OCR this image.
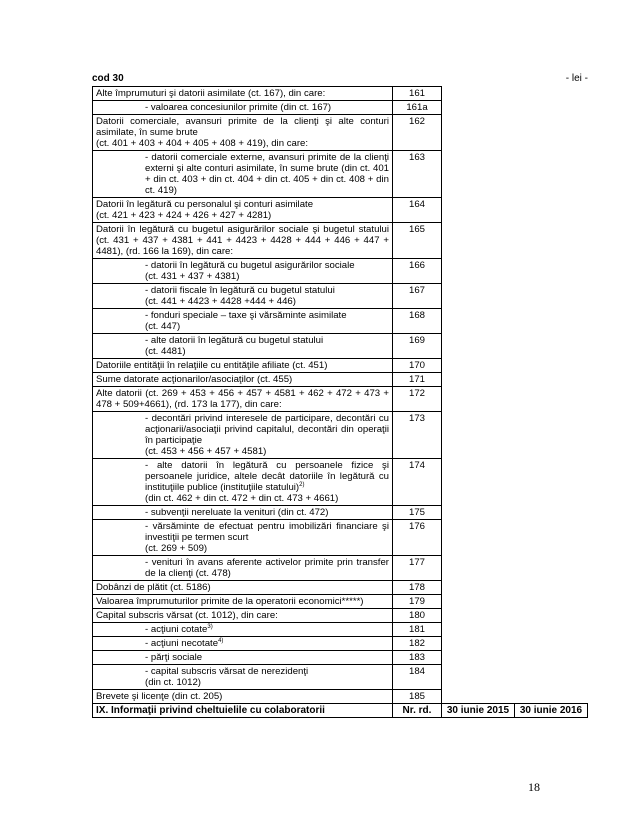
cod 30	- lei -
Alte împrumuturi şi datorii asimilate (ct. 167), din care:	161		

- valoarea concesiunilor primite (din ct. 167)	161a		

Datorii comerciale, avansuri primite de la clienţi şi alte conturi asimilate, în sume brute
(ct. 401 + 403 + 404 + 405 + 408 + 419), din care:	162		

- datorii comerciale externe, avansuri primite de la clienţi externi şi alte conturi asimilate, în sume brute (din ct. 401 + din ct. 403 + din ct. 404 + din ct. 405 + din ct. 408 + din ct. 419)	163		

Datorii în legătură cu personalul şi conturi asimilate
(ct. 421 + 423 + 424 + 426 + 427 + 4281)	164		

Datorii în legătură cu bugetul asigurărilor sociale şi bugetul statului (ct. 431 + 437 + 4381 + 441 + 4423 + 4428 + 444 + 446 + 447 + 4481), (rd. 166 la 169), din care:	165		

- datorii în legătură cu bugetul asigurărilor sociale
(ct. 431 + 437 + 4381)	166		

- datorii fiscale în legătură cu bugetul statului
(ct. 441 + 4423 + 4428 +444 + 446)	167		

- fonduri speciale – taxe şi vărsăminte asimilate
(ct. 447)	168		

- alte datorii în legătură cu bugetul statului
(ct. 4481)	169		

Datoriile entităţii în relaţiile cu entităţile afiliate (ct. 451)	170		

Sume datorate acţionarilor/asociaţilor (ct. 455)	171		

Alte datorii (ct. 269 + 453 + 456 + 457 + 4581 + 462 + 472 + 473 + 478 + 509+4661), (rd. 173 la 177), din care:	172		

- decontări privind interesele de participare, decontări cu acţionarii/asociaţii privind capitalul, decontări din operaţii în participaţie
(ct. 453 + 456 + 457 + 4581)	173		

- alte datorii în legătură cu persoanele fizice şi persoanele juridice, altele decât datoriile în legătură cu instituţiile publice (instituţiile statului)$^{2)}$
(din ct. 462 + din ct. 472 + din ct. 473 + 4661)	174		

- subvenţii nereluate la venituri (din ct. 472)	175		

- vărsăminte de efectuat pentru imobilizări financiare şi investiţii pe termen scurt
(ct. 269 + 509)	176		

- venituri în avans aferente activelor primite prin transfer de la clienţi (ct. 478)	177		

Dobânzi de plătit (ct. 5186)	178		

Valoarea împrumuturilor primite de la operatorii economici*****)	179		

Capital subscris vărsat (ct. 1012), din care:	180		

- acţiuni cotate$^{3)}$	181		

- acţiuni necotate$^{4)}$	182		

- părţi sociale	183		

- capital subscris vărsat de nerezidenţi
(din ct. 1012)	184		

Brevete şi licenţe (din ct. 205)	185		
IX. Informaţii privind cheltuielile cu colaboratorii	Nr. rd.	30 iunie 2015	30 iunie 2016
18
